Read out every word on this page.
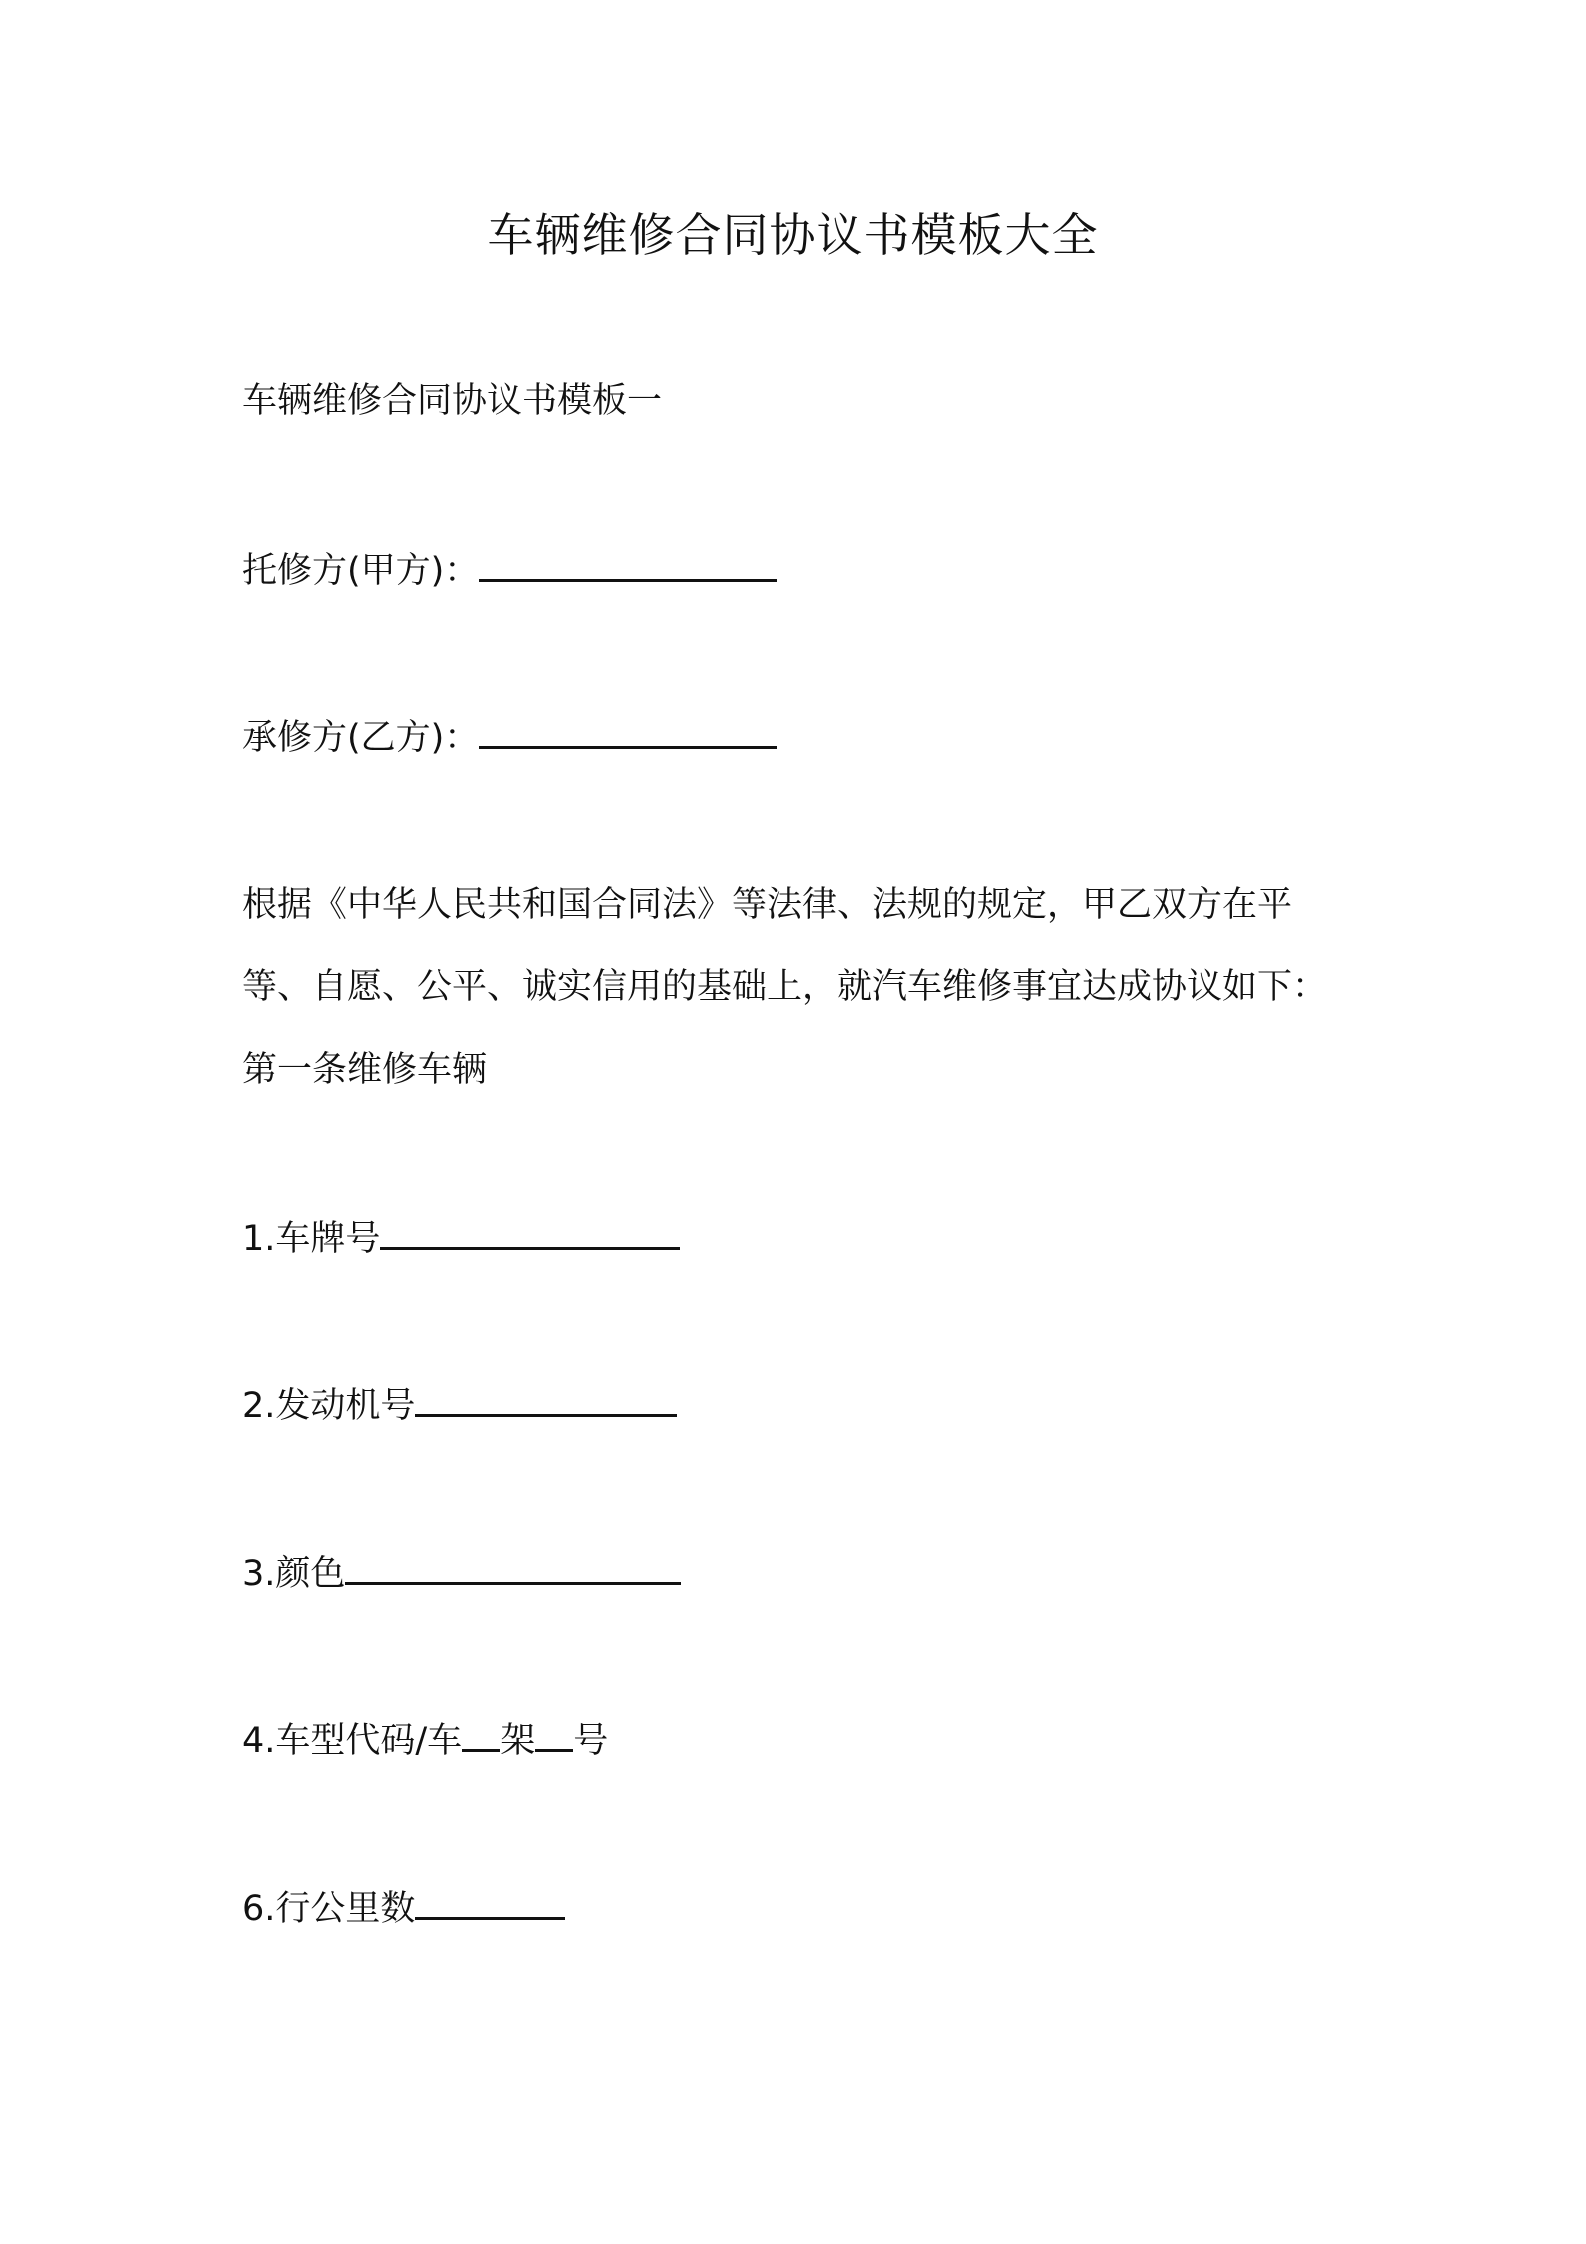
车辆维修合同协议书模板大全
车辆维修合同协议书模板一
托修方(甲方)：
承修方(乙方)：
根据《中华人民共和国合同法》等法律、法规的规定，甲乙双方在平
等、自愿、公平、诚实信用的基础上，就汽车维修事宜达成协议如下：
第一条维修车辆
1.车牌号
2.发动机号
3.颜色
4.车型代码/车 架 号
6.行公里数
